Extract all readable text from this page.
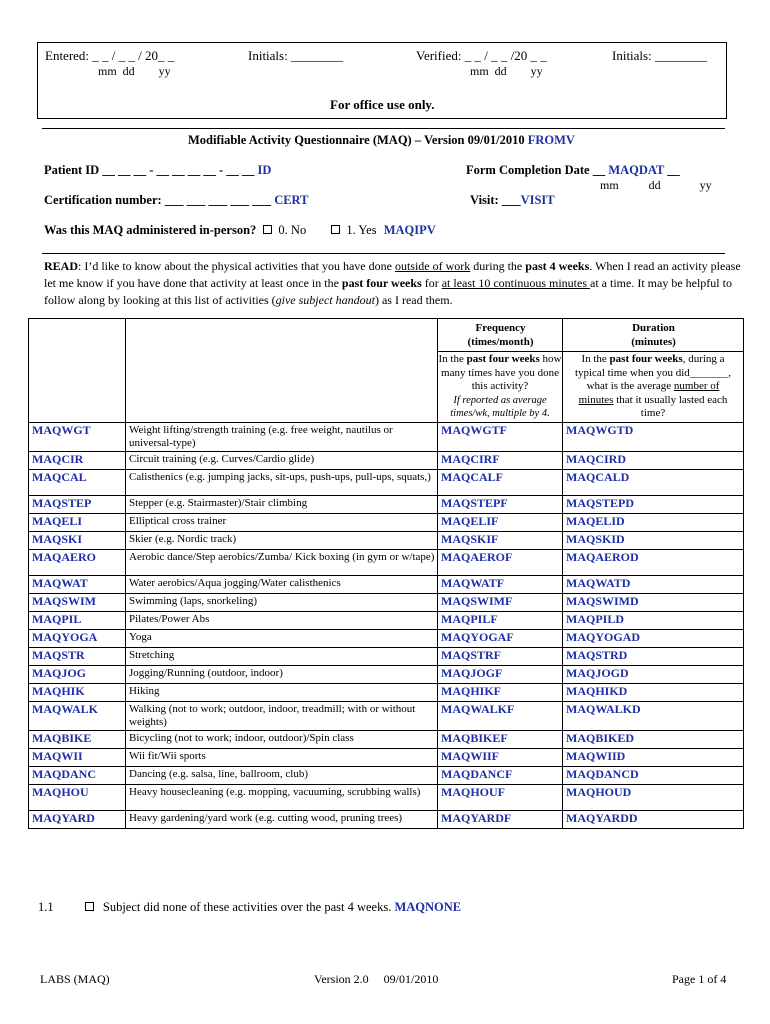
Entered: _ _ / _ _ / 20_ _
mm  dd        yy
Initials: ________	Verified: _ _ / _ _ /20 _ _
mm  dd        yy
Initials: ________
For office use only.
Modifiable Activity Questionnaire (MAQ) – Version 09/01/2010 FROMV
Patient ID __ __ __ - __ __ __ __ - __ __ ID	Form Completion Date __ MAQDAT __
mm          dd             yy
Certification number: ___ ___ ___ ___ ___ CERT	Visit: ___VISIT
Was this MAQ administered in-person? 0. No	1. Yes MAQIPV
READ: I’d like to know about the physical activities that you have done outside of work during the past 4 weeks. When I read an activity please let me know if you have done that activity at least once in the past four weeks for at least 10 continuous minutes at a time. It may be helpful to follow along by looking at this list of activities (give subject handout) as I read them.
		Frequency
(times/month)

In the past four weeks how many times have you done this activity?
If reported as average times/wk, multiple by 4.	Duration
(minutes)

In the past four weeks, during a typical time when you did_______, what is the average number of minutes that it usually lasted each time?

MAQWGT	Weight lifting/strength training (e.g. free weight, nautilus or universal-type)	MAQWGTF	MAQWGTD
MAQCIR	Circuit training (e.g. Curves/Cardio glide)	MAQCIRF	MAQCIRD
MAQCAL	Calisthenics (e.g. jumping jacks, sit-ups, push-ups, pull-ups, squats,)	MAQCALF	MAQCALD
MAQSTEP	Stepper (e.g. Stairmaster)/Stair climbing	MAQSTEPF	MAQSTEPD
MAQELI	Elliptical cross trainer	MAQELIF	MAQELID
MAQSKI	Skier (e.g. Nordic track)	MAQSKIF	MAQSKID
MAQAERO	Aerobic dance/Step aerobics/Zumba/ Kick boxing (in gym or w/tape)	MAQAEROF	MAQAEROD
MAQWAT	Water aerobics/Aqua jogging/Water calisthenics	MAQWATF	MAQWATD
MAQSWIM	Swimming (laps, snorkeling)	MAQSWIMF	MAQSWIMD
MAQPIL	Pilates/Power Abs	MAQPILF	MAQPILD
MAQYOGA	Yoga	MAQYOGAF	MAQYOGAD
MAQSTR	Stretching	MAQSTRF	MAQSTRD
MAQJOG	Jogging/Running (outdoor, indoor)	MAQJOGF	MAQJOGD
MAQHIK	Hiking	MAQHIKF	MAQHIKD
MAQWALK	Walking (not to work; outdoor, indoor, treadmill; with or without weights)	MAQWALKF	MAQWALKD
MAQBIKE	Bicycling (not to work; indoor, outdoor)/Spin class	MAQBIKEF	MAQBIKED
MAQWII	Wii fit/Wii sports	MAQWIIF	MAQWIID
MAQDANC	Dancing (e.g. salsa, line, ballroom, club)	MAQDANCF	MAQDANCD
MAQHOU	Heavy housecleaning (e.g. mopping, vacuuming, scrubbing walls)	MAQHOUF	MAQHOUD
MAQYARD	Heavy gardening/yard work (e.g. cutting wood, pruning trees)	MAQYARDF	MAQYARDD
1.1	Subject did none of these activities over the past 4 weeks. MAQNONE
LABS (MAQ)	Version 2.0     09/01/2010	Page 1 of 4
